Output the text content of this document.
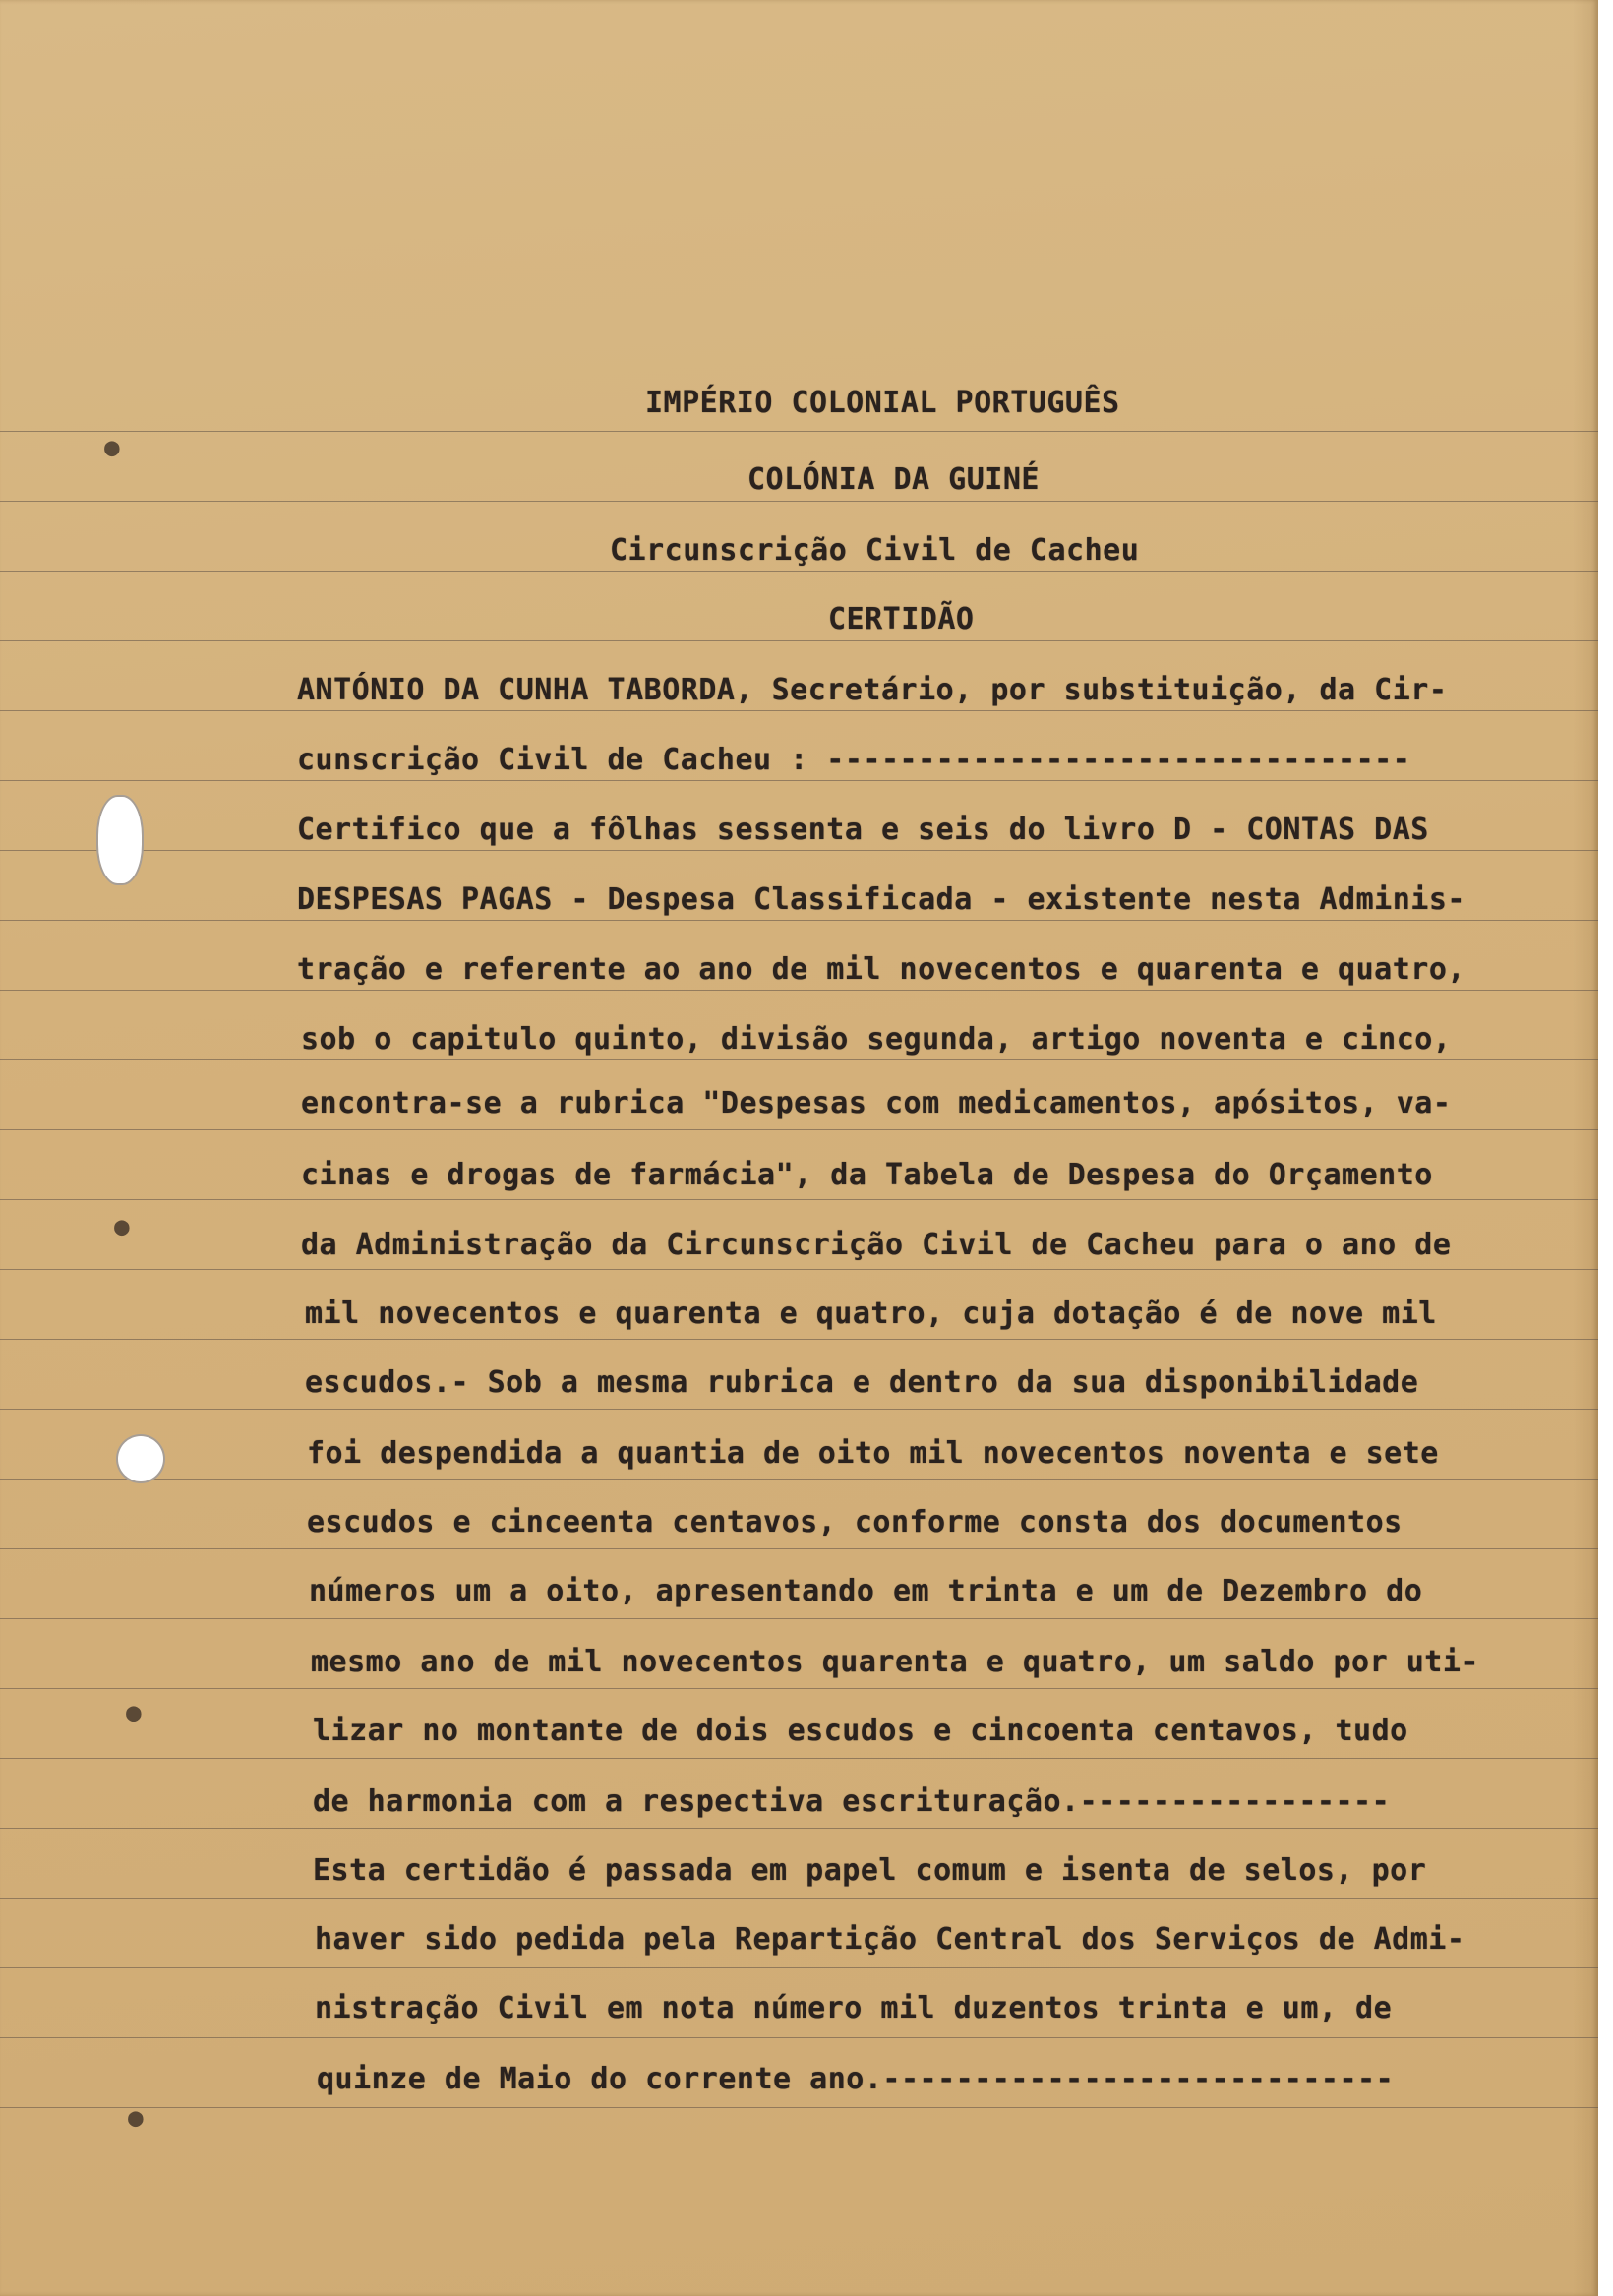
●
●
●
●
IMPÉRIO COLONIAL PORTUGUÊS
COLÓNIA DA GUINÉ
Circunscrição Civil de Cacheu
CERTIDÃO
ANTÓNIO DA CUNHA TABORDA, Secretário, por substituição, da Cir-
cunscrição Civil de Cacheu : --------------------------------
Certifico que a fôlhas sessenta e seis do livro D - CONTAS DAS
DESPESAS PAGAS - Despesa Classificada - existente nesta Adminis-
tração e referente ao ano de mil novecentos e quarenta e quatro,
sob o capitulo quinto, divisão segunda, artigo noventa e cinco,
encontra-se a rubrica "Despesas com medicamentos, apósitos, va-
cinas e drogas de farmácia", da Tabela de Despesa do Orçamento
da Administração da Circunscrição Civil de Cacheu para o ano de
mil novecentos e quarenta e quatro, cuja dotação é de nove mil
escudos.- Sob a mesma rubrica e dentro da sua disponibilidade
foi despendida a quantia de oito mil novecentos noventa e sete
escudos e cinceenta centavos, conforme consta dos documentos
números um a oito, apresentando em trinta e um de Dezembro do
mesmo ano de mil novecentos quarenta e quatro, um saldo por uti-
lizar no montante de dois escudos e cincoenta centavos, tudo
de harmonia com a respectiva escrituração.-----------------
Esta certidão é passada em papel comum e isenta de selos, por
haver sido pedida pela Repartição Central dos Serviços de Admi-
nistração Civil em nota número mil duzentos trinta e um, de
quinze de Maio do corrente ano.----------------------------
